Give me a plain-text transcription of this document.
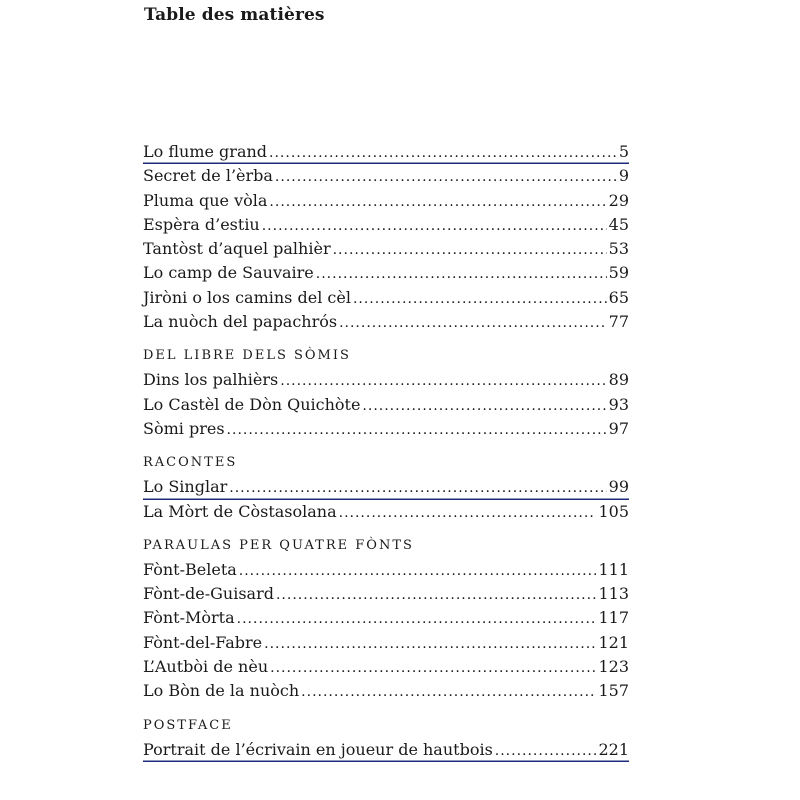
Table des matières
Lo flume grand .....	5
Secret de l’èrba .....	9
Pluma que vòla .....	29
Espèra d’estiu .....	45
Tantòst d’aquel palhièr .....	53
Lo camp de Sauvaire .....	59
Jiròni o los camins del cèl .....	65
La nuòch del papachrós .....	77
DEL LIBRE DELS SÒMIS
Dins los palhièrs .....	89
Lo Castèl de Dòn Quichòte .....	93
Sòmi pres .....	97
RACONTES
Lo Singlar .....	99
La Mòrt de Còstasolana .....	105
PARAULAS PER QUATRE FÒNTS
Fònt-Beleta .....	111
Fònt-de-Guisard .....	113
Fònt-Mòrta .....	117
Fònt-del-Fabre .....	121
L’Autbòi de nèu .....	123
Lo Bòn de la nuòch .....	157
POSTFACE
Portrait de l’écrivain en joueur de hautbois .....	221
